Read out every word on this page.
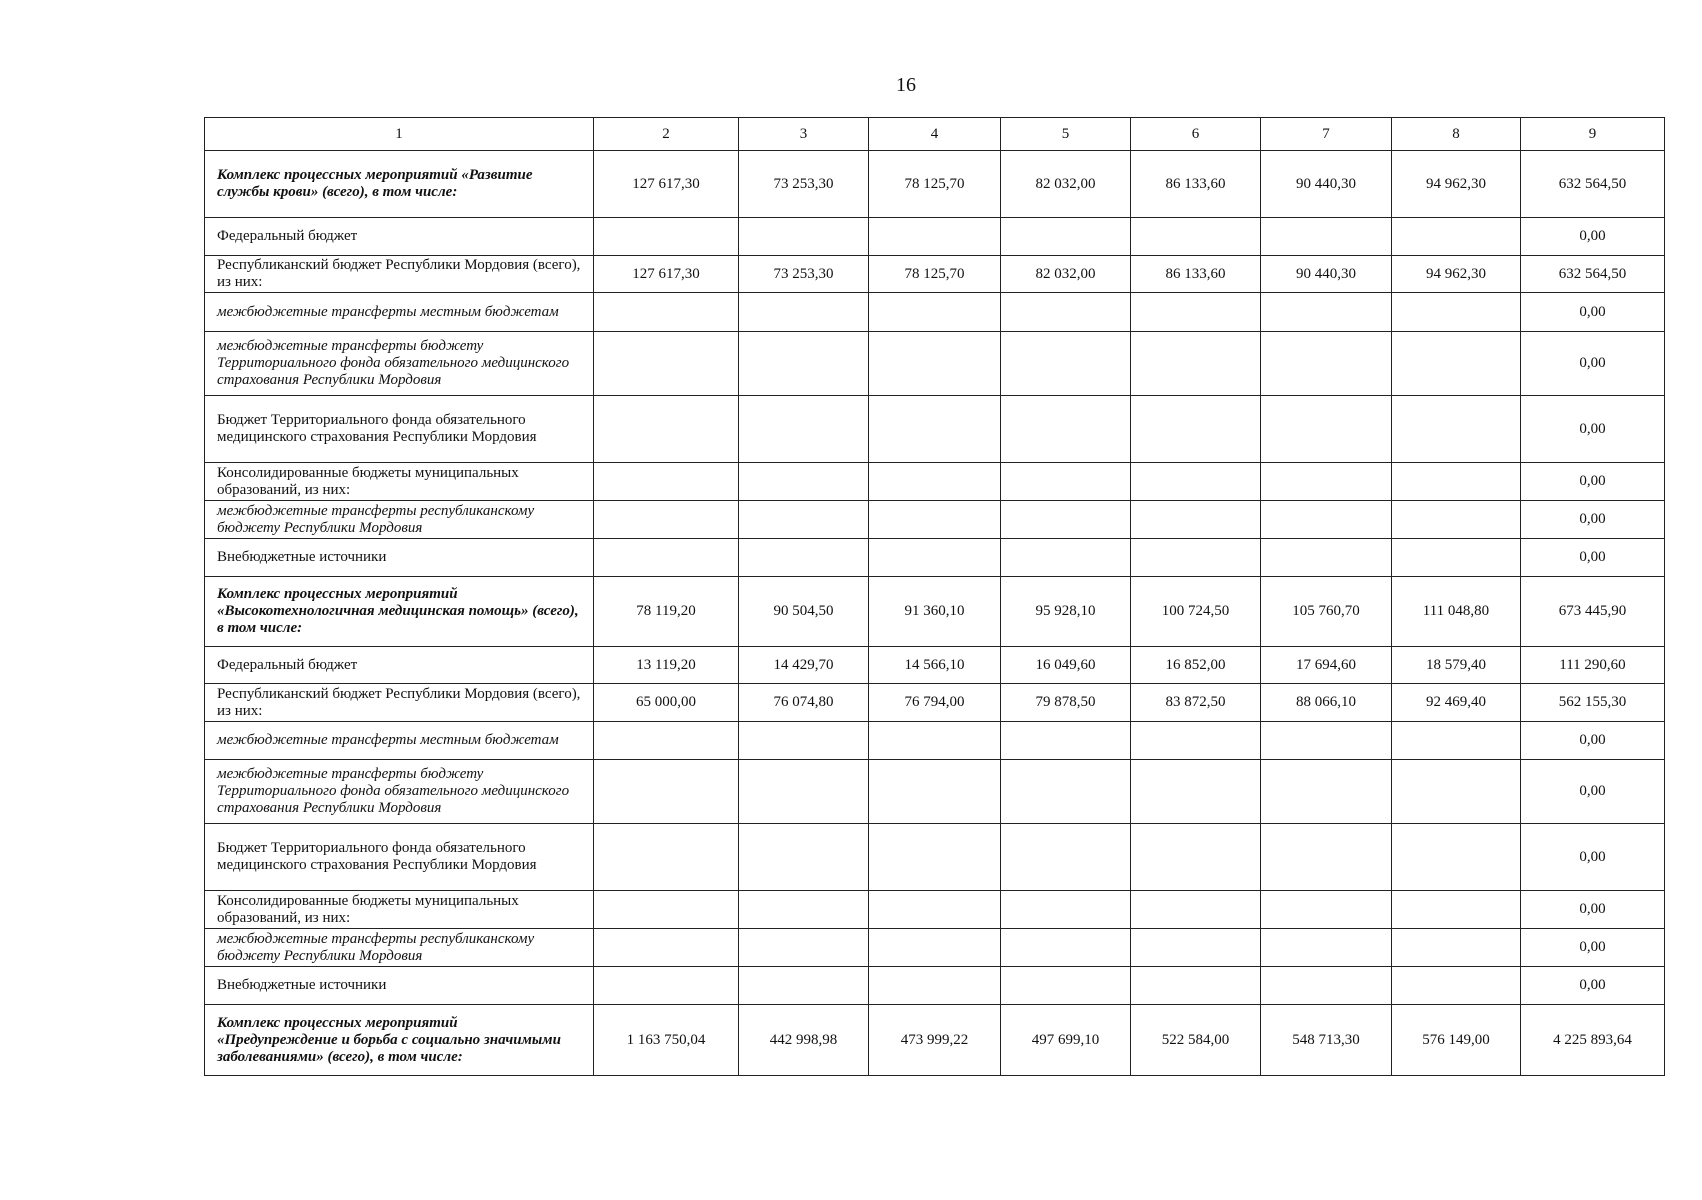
16
1	2	3	4	5	6	7	8	9
Комплекс процессных мероприятий «Развитие службы крови» (всего), в том числе:	127 617,30	73 253,30	78 125,70	82 032,00	86 133,60	90 440,30	94 962,30	632 564,50
Федеральный бюджет								0,00
Республиканский бюджет Республики Мордовия (всего), из них:	127 617,30	73 253,30	78 125,70	82 032,00	86 133,60	90 440,30	94 962,30	632 564,50
межбюджетные трансферты местным бюджетам								0,00
межбюджетные трансферты бюджету Территориального фонда обязательного медицинского страхования Республики Мордовия								0,00
Бюджет Территориального фонда обязательного медицинского страхования Республики Мордовия								0,00
Консолидированные бюджеты муниципальных образований, из них:								0,00
межбюджетные трансферты республиканскому бюджету Республики Мордовия								0,00
Внебюджетные источники								0,00
Комплекс процессных мероприятий «Высокотехнологичная медицинская помощь» (всего), в том числе:	78 119,20	90 504,50	91 360,10	95 928,10	100 724,50	105 760,70	111 048,80	673 445,90
Федеральный бюджет	13 119,20	14 429,70	14 566,10	16 049,60	16 852,00	17 694,60	18 579,40	111 290,60
Республиканский бюджет Республики Мордовия (всего), из них:	65 000,00	76 074,80	76 794,00	79 878,50	83 872,50	88 066,10	92 469,40	562 155,30
межбюджетные трансферты местным бюджетам								0,00
межбюджетные трансферты бюджету Территориального фонда обязательного медицинского страхования Республики Мордовия								0,00
Бюджет Территориального фонда обязательного медицинского страхования Республики Мордовия								0,00
Консолидированные бюджеты муниципальных образований, из них:								0,00
межбюджетные трансферты республиканскому бюджету Республики Мордовия								0,00
Внебюджетные источники								0,00
Комплекс процессных мероприятий «Предупреждение и борьба с социально значимыми заболеваниями» (всего), в том числе:	1 163 750,04	442 998,98	473 999,22	497 699,10	522 584,00	548 713,30	576 149,00	4 225 893,64
